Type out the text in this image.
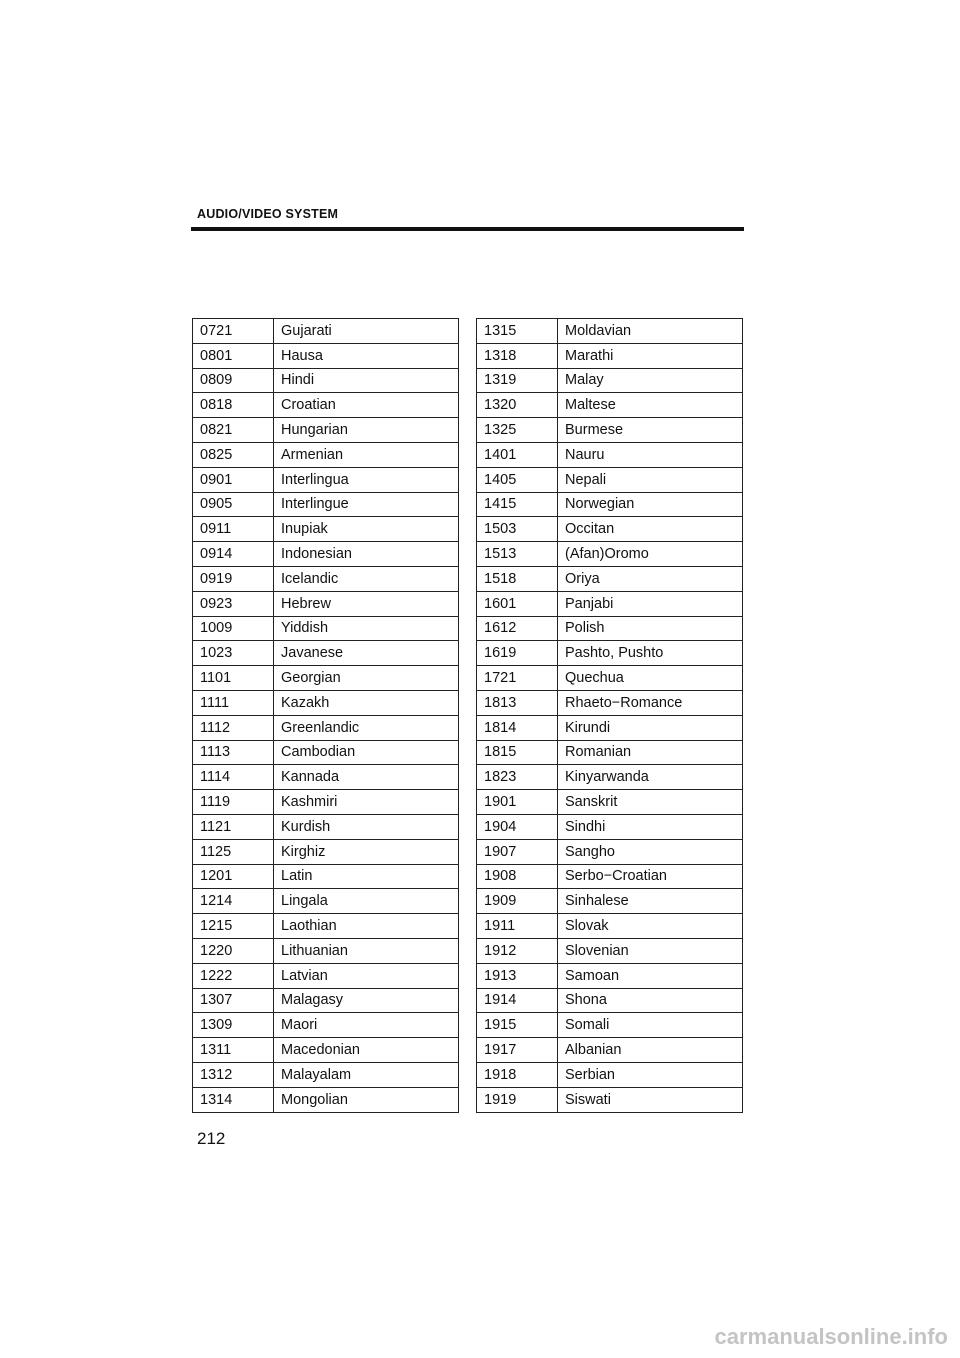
AUDIO/VIDEO SYSTEM
0721	Gujarati
0801	Hausa
0809	Hindi
0818	Croatian
0821	Hungarian
0825	Armenian
0901	Interlingua
0905	Interlingue
0911	Inupiak
0914	Indonesian
0919	Icelandic
0923	Hebrew
1009	Yiddish
1023	Javanese
1101	Georgian
1111	Kazakh
1112	Greenlandic
1113	Cambodian
1114	Kannada
1119	Kashmiri
1121	Kurdish
1125	Kirghiz
1201	Latin
1214	Lingala
1215	Laothian
1220	Lithuanian
1222	Latvian
1307	Malagasy
1309	Maori
1311	Macedonian
1312	Malayalam
1314	Mongolian
1315	Moldavian
1318	Marathi
1319	Malay
1320	Maltese
1325	Burmese
1401	Nauru
1405	Nepali
1415	Norwegian
1503	Occitan
1513	(Afan)Oromo
1518	Oriya
1601	Panjabi
1612	Polish
1619	Pashto, Pushto
1721	Quechua
1813	Rhaeto−Romance
1814	Kirundi
1815	Romanian
1823	Kinyarwanda
1901	Sanskrit
1904	Sindhi
1907	Sangho
1908	Serbo−Croatian
1909	Sinhalese
1911	Slovak
1912	Slovenian
1913	Samoan
1914	Shona
1915	Somali
1917	Albanian
1918	Serbian
1919	Siswati
212
carmanualsonline.info
